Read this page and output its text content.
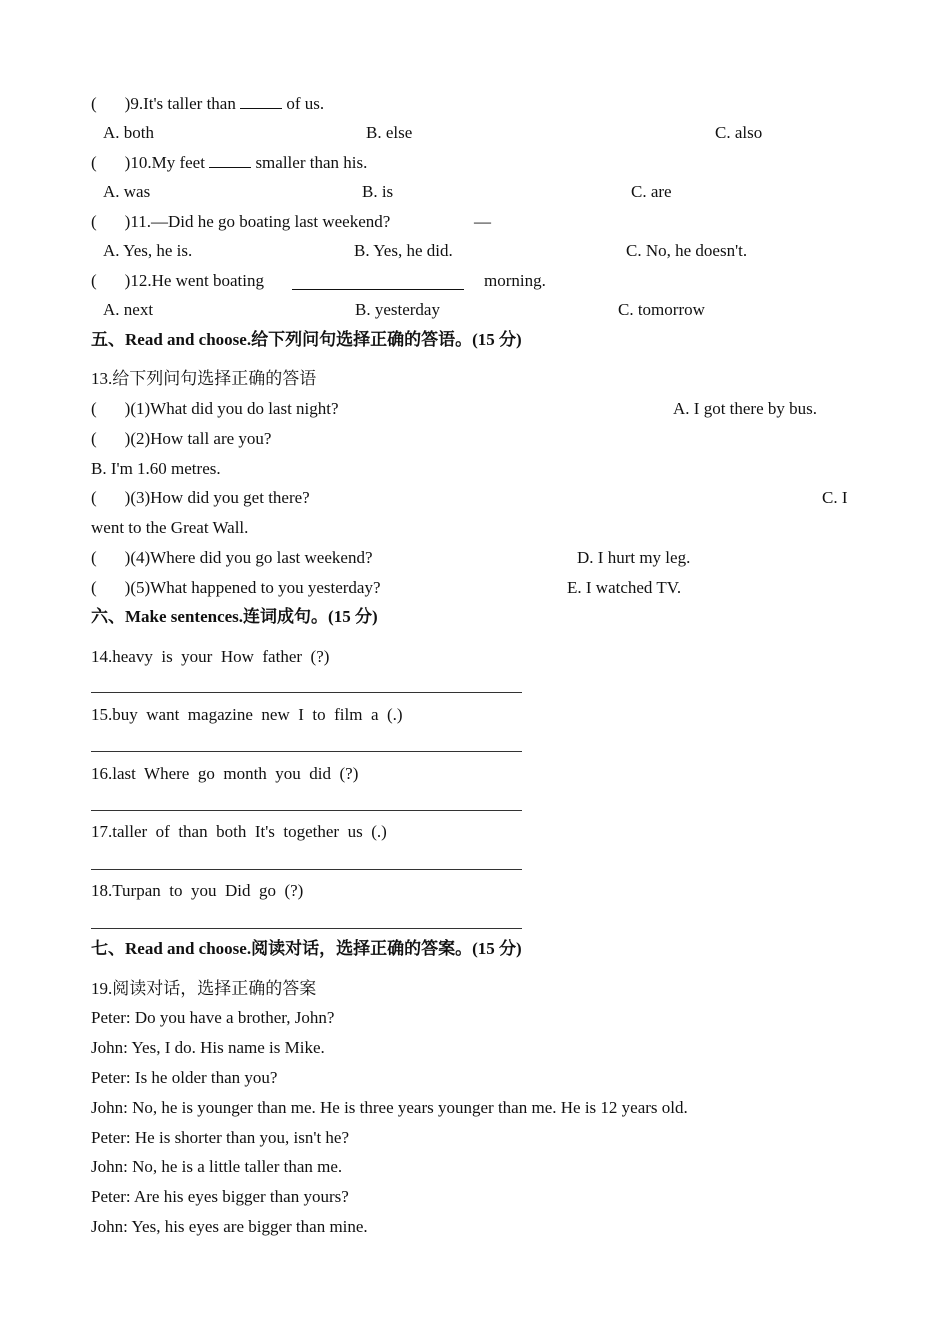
( )9.It's taller than	of us.
A. both	B. else	C. also
( )10.My feet	smaller than his.
A. was	B. is	C. are
( )11.—Did he go boating last weekend?	—
A. Yes, he is.	B. Yes, he did.	C. No, he doesn't.
( )12.He went boating	morning.
A. next	B. yesterday	C. tomorrow
五、Read and choose.给下列问句选择正确的答语。(15 分)
13.给下列问句选择正确的答语
( )(1)What did you do last night?	A. I got there by bus.
( )(2)How tall are you?
B. I'm 1.60 metres.
( )(3)How did you get there?	C. I
went to the Great Wall.
( )(4)Where did you go last weekend?	D. I hurt my leg.
( )(5)What happened to you yesterday?	E. I watched TV.
六、Make sentences.连词成句。(15 分)
14.heavy  is  your  How  father  (?)
15.buy  want  magazine  new  I  to  film  a  (.)
16.last  Where  go  month  you  did  (?)
17.taller  of  than  both  It's  together  us  (.)
18.Turpan  to  you  Did  go  (?)
七、Read and choose.阅读对话，选择正确的答案。(15 分)
19.阅读对话，选择正确的答案
Peter: Do you have a brother, John?
John: Yes, I do. His name is Mike.
Peter: Is he older than you?
John: No, he is younger than me. He is three years younger than me. He is 12 years old.
Peter: He is shorter than you, isn't he?
John: No, he is a little taller than me.
Peter: Are his eyes bigger than yours?
John: Yes, his eyes are bigger than mine.
